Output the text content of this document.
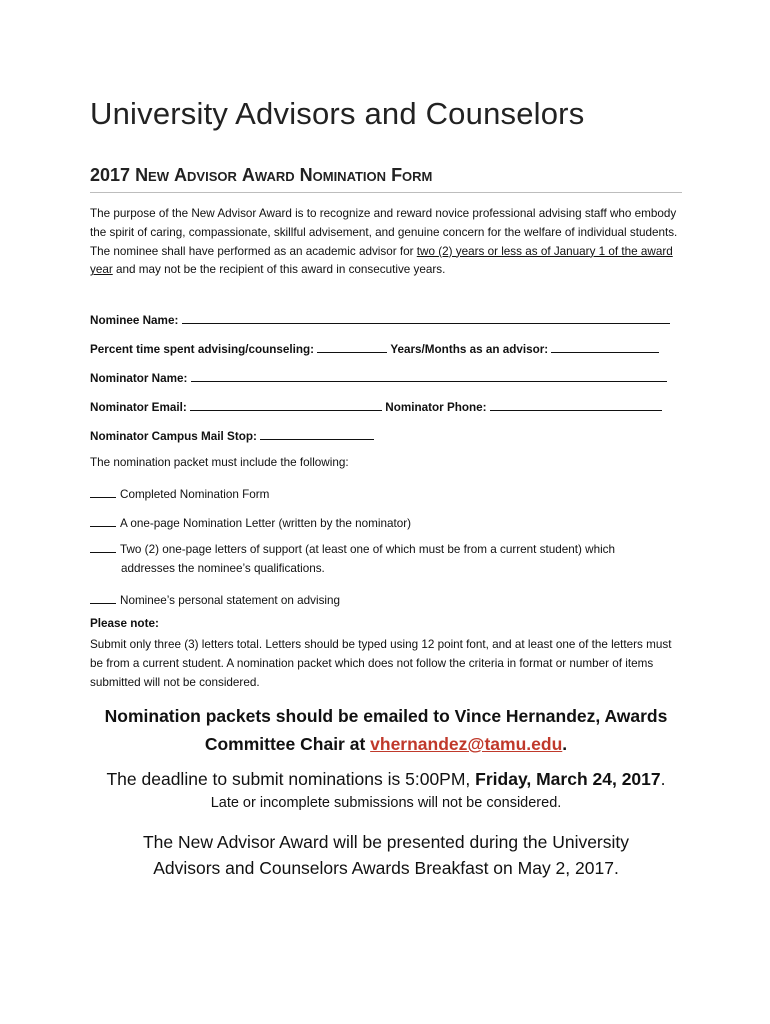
University Advisors and Counselors
2017 New Advisor Award Nomination Form

The purpose of the New Advisor Award is to recognize and reward novice professional advising staff who embody the spirit of caring, compassionate, skillful advisement, and genuine concern for the welfare of individual students. The nominee shall have performed as an academic advisor for two (2) years or less as of January 1 of the award year and may not be the recipient of this award in consecutive years.

Nominee Name:
Percent time spent advising/counseling:	Years/Months as an advisor:
Nominator Name:
Nominator Email:	Nominator Phone:
Nominator Campus Mail Stop:
The nomination packet must include the following:
Completed Nomination Form
A one-page Nomination Letter (written by the nominator)
Two (2) one-page letters of support (at least one of which must be from a current student) which
addresses the nominee’s qualifications.
Nominee’s personal statement on advising
Please note:
Submit only three (3) letters total. Letters should be typed using 12 point font, and at least one of the letters must be from a current student. A nomination packet which does not follow the criteria in format or number of items submitted will not be considered.
Nomination packets should be emailed to Vince Hernandez, Awards
Committee Chair at vhernandez@tamu.edu.
The deadline to submit nominations is 5:00PM, Friday, March 24, 2017.
Late or incomplete submissions will not be considered.
The New Advisor Award will be presented during the University
Advisors and Counselors Awards Breakfast on May 2, 2017.
